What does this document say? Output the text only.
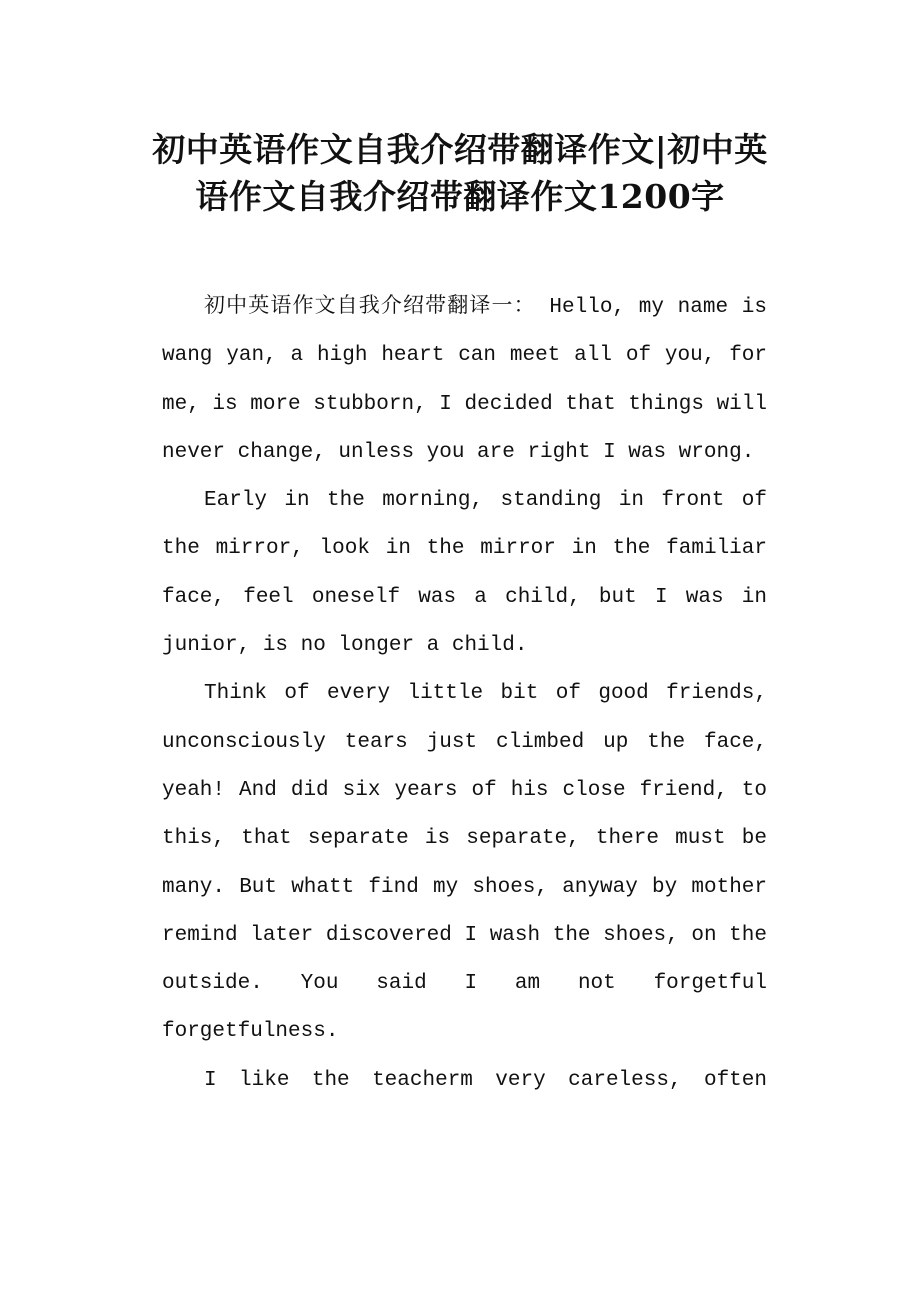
初中英语作文自我介绍带翻译作文|初中英语作文自我介绍带翻译作文1200字

初中英语作文自我介绍带翻译一： Hello, my name is wang yan, a high heart can meet all of you, for me, is more stubborn, I decided that things will never change, unless you are right I was wrong.

Early in the morning, standing in front of the mirror, look in the mirror in the familiar face, feel oneself was a child, but I was in junior, is no longer a child.

Think of every little bit of good friends, unconsciously tears just climbed up the face, yeah! And did six years of his close friend, to this, that separate is separate, there must be many. But whatt find my shoes, anyway by mother remind later discovered I wash the shoes, on the outside. You said I am not forgetful forgetfulness.

I like the teacherm very careless, often
